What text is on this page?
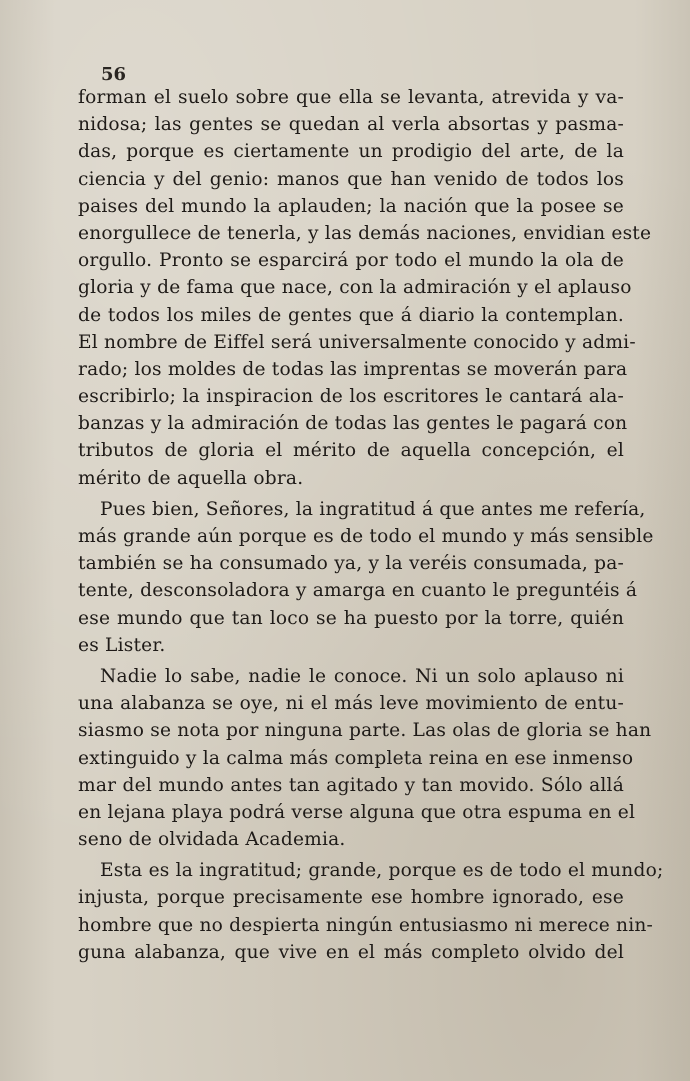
56
forman el suelo sobre que ella se levanta, atrevida y va-
nidosa; las gentes se quedan al verla absortas y pasma-
das, porque es ciertamente un prodigio del arte, de la
ciencia y del genio: manos que han venido de todos los
paises del mundo la aplauden; la nación que la posee se
enorgullece de tenerla, y las demás naciones, envidian este
orgullo. Pronto se esparcirá por todo el mundo la ola de
gloria y de fama que nace, con la admiración y el aplauso
de todos los miles de gentes que á diario la contemplan.
El nombre de Eiffel será universalmente conocido y admi-
rado; los moldes de todas las imprentas se moverán para
escribirlo; la inspiracion de los escritores le cantará ala-
banzas y la admiración de todas las gentes le pagará con
tributos de gloria el mérito de aquella concepción, el
mérito de aquella obra.
Pues bien, Señores, la ingratitud á que antes me refería,
más grande aún porque es de todo el mundo y más sensible
también se ha consumado ya, y la veréis consumada, pa-
tente, desconsoladora y amarga en cuanto le preguntéis á
ese mundo que tan loco se ha puesto por la torre, quién
es Lister.
Nadie lo sabe, nadie le conoce. Ni un solo aplauso ni
una alabanza se oye, ni el más leve movimiento de entu-
siasmo se nota por ninguna parte. Las olas de gloria se han
extinguido y la calma más completa reina en ese inmenso
mar del mundo antes tan agitado y tan movido. Sólo allá
en lejana playa podrá verse alguna que otra espuma en el
seno de olvidada Academia.
Esta es la ingratitud; grande, porque es de todo el mundo;
injusta, porque precisamente ese hombre ignorado, ese
hombre que no despierta ningún entusiasmo ni merece nin-
guna alabanza, que vive en el más completo olvido del
